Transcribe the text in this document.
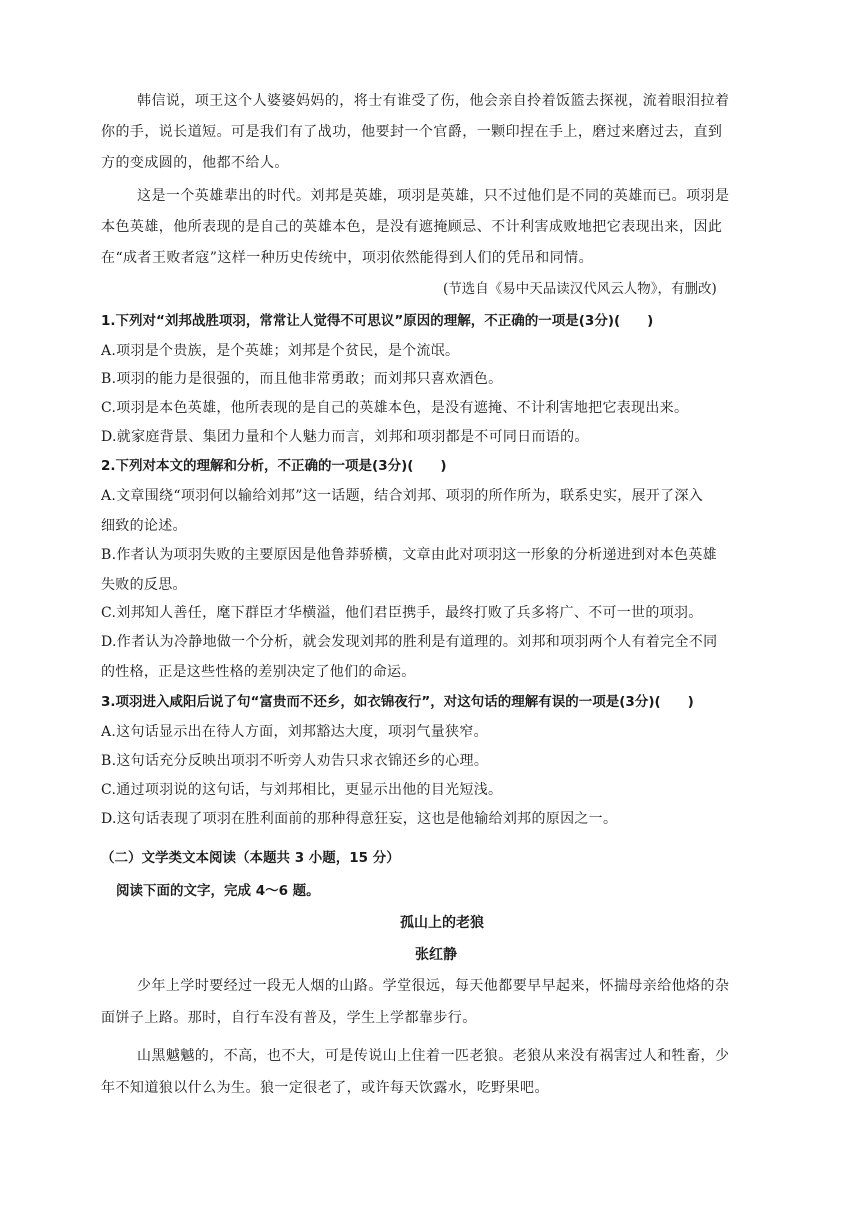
韩信说，项王这个人婆婆妈妈的，将士有谁受了伤，他会亲自拎着饭篮去探视，流着眼泪拉着
你的手，说长道短。可是我们有了战功，他要封一个官爵，一颗印捏在手上，磨过来磨过去，直到
方的变成圆的，他都不给人。
这是一个英雄辈出的时代。刘邦是英雄，项羽是英雄，只不过他们是不同的英雄而已。项羽是
本色英雄，他所表现的是自己的英雄本色，是没有遮掩顾忌、不计利害成败地把它表现出来，因此
在“成者王败者寇”这样一种历史传统中，项羽依然能得到人们的凭吊和同情。
(节选自《易中天品读汉代风云人物》，有删改)
1.下列对“刘邦战胜项羽，常常让人觉得不可思议”原因的理解，不正确的一项是(3分)(　　)
A.项羽是个贵族，是个英雄；刘邦是个贫民，是个流氓。
B.项羽的能力是很强的，而且他非常勇敢；而刘邦只喜欢酒色。
C.项羽是本色英雄，他所表现的是自己的英雄本色，是没有遮掩、不计利害地把它表现出来。
D.就家庭背景、集团力量和个人魅力而言，刘邦和项羽都是不可同日而语的。
2.下列对本文的理解和分析，不正确的一项是(3分)(　　)
A.文章围绕“项羽何以输给刘邦”这一话题，结合刘邦、项羽的所作所为，联系史实，展开了深入
细致的论述。
B.作者认为项羽失败的主要原因是他鲁莽骄横，文章由此对项羽这一形象的分析递进到对本色英雄
失败的反思。
C.刘邦知人善任，麾下群臣才华横溢，他们君臣携手，最终打败了兵多将广、不可一世的项羽。
D.作者认为冷静地做一个分析，就会发现刘邦的胜利是有道理的。刘邦和项羽两个人有着完全不同
的性格，正是这些性格的差别决定了他们的命运。
3.项羽进入咸阳后说了句“富贵而不还乡，如衣锦夜行”，对这句话的理解有误的一项是(3分)(　　)
A.这句话显示出在待人方面，刘邦豁达大度，项羽气量狭窄。
B.这句话充分反映出项羽不听旁人劝告只求衣锦还乡的心理。
C.通过项羽说的这句话，与刘邦相比，更显示出他的目光短浅。
D.这句话表现了项羽在胜利面前的那种得意狂妄，这也是他输给刘邦的原因之一。
（二）文学类文本阅读（本题共 3 小题，15 分）
阅读下面的文字，完成 4～6 题。
孤山上的老狼
张红静
少年上学时要经过一段无人烟的山路。学堂很远，每天他都要早早起来，怀揣母亲给他烙的杂
面饼子上路。那时，自行车没有普及，学生上学都靠步行。
山黑魆魆的，不高，也不大，可是传说山上住着一匹老狼。老狼从来没有祸害过人和牲畜，少
年不知道狼以什么为生。狼一定很老了，或许每天饮露水，吃野果吧。
